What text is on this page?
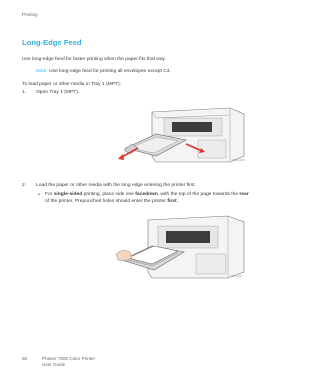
Printing
Long-Edge Feed
Use long-edge feed for faster printing when the paper fits that way.
Note: Use long-edge feed for printing all envelopes except C4.
To load paper or other media in Tray 1 (MPT):
1. Open Tray 1 (MPT).
7500-026
2. Load the paper or other media with the long edge entering the printer first.
• For single-sided printing, place side one facedown, with the top of the page towards the rear
of the printer. Prepunched holes should enter the printer first.
7500-027
58	Phaser 7500 Color Printer
User Guide
